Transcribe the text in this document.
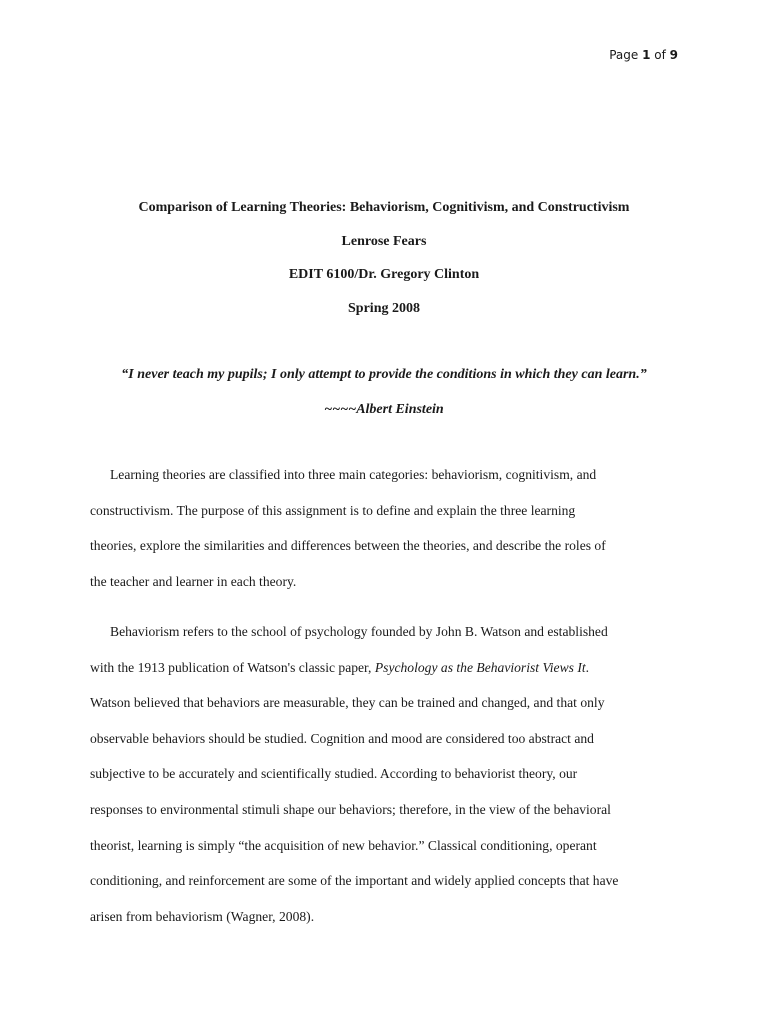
Page 1 of 9
Comparison of Learning Theories: Behaviorism, Cognitivism, and Constructivism
Lenrose Fears
EDIT 6100/Dr. Gregory Clinton
Spring 2008
“I never teach my pupils; I only attempt to provide the conditions in which they can learn.”
~~~~Albert Einstein
Learning theories are classified into three main categories: behaviorism, cognitivism, and
constructivism. The purpose of this assignment is to define and explain the three learning
theories, explore the similarities and differences between the theories, and describe the roles of
the teacher and learner in each theory.
Behaviorism refers to the school of psychology founded by John B. Watson and established
with the 1913 publication of Watson's classic paper, Psychology as the Behaviorist Views It.
Watson believed that behaviors are measurable, they can be trained and changed, and that only
observable behaviors should be studied. Cognition and mood are considered too abstract and
subjective to be accurately and scientifically studied. According to behaviorist theory, our
responses to environmental stimuli shape our behaviors; therefore, in the view of the behavioral
theorist, learning is simply “the acquisition of new behavior.” Classical conditioning, operant
conditioning, and reinforcement are some of the important and widely applied concepts that have
arisen from behaviorism (Wagner, 2008).
